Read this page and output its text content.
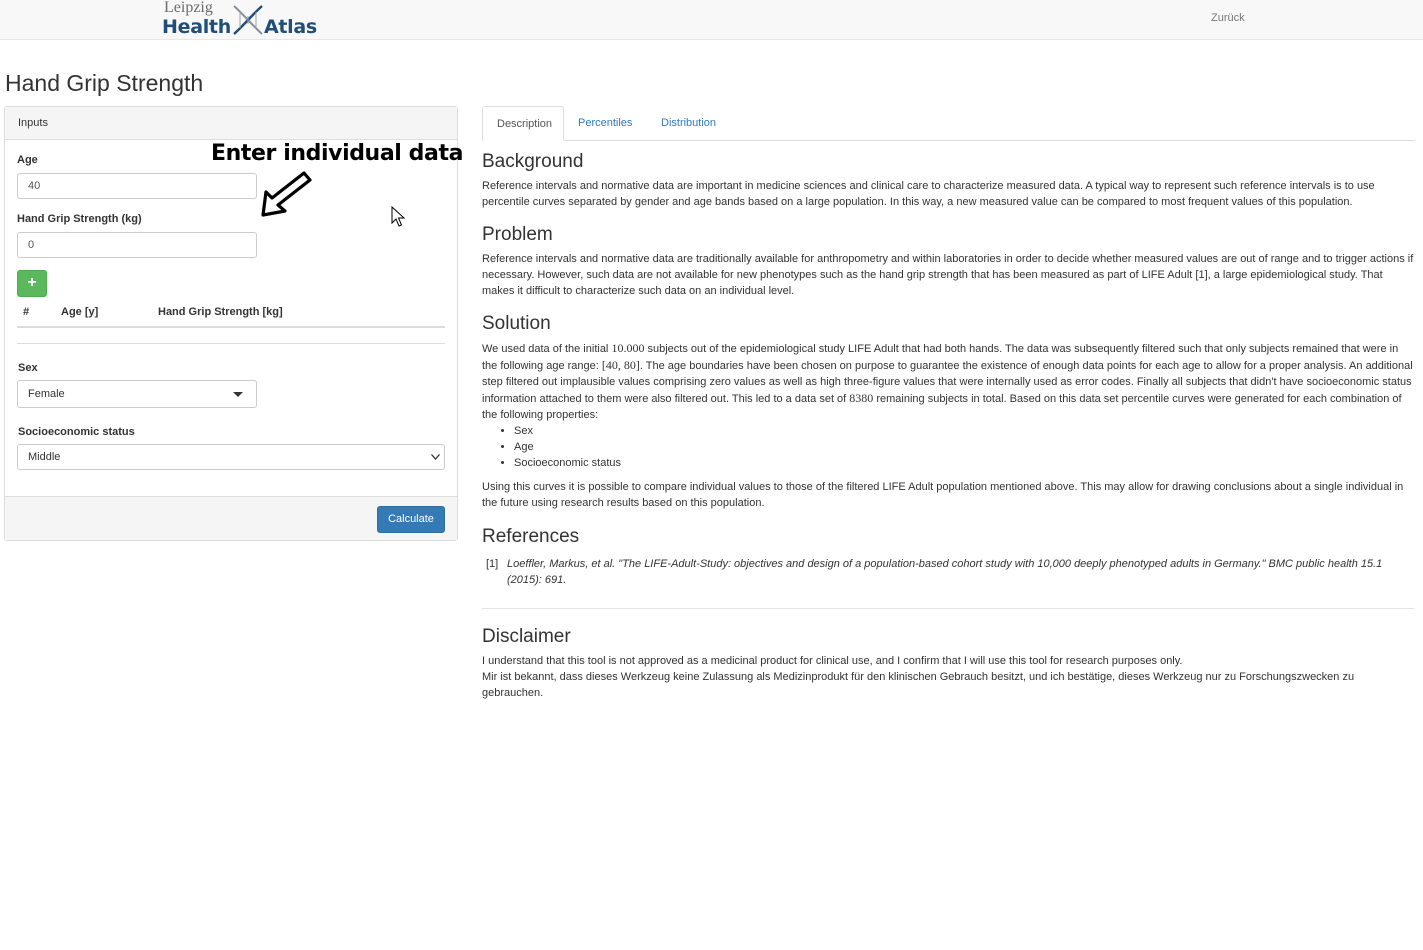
Leipzig
Health Atlas	Zurück
Hand Grip Strength
Inputs
Age
40
Hand Grip Strength (kg)
0
+
#	Age [y]	Hand Grip Strength [kg]
Sex
Female
Socioeconomic status
Middle
Calculate
Enter individual data
Description	Percentiles	Distribution
Background

Reference intervals and normative data are important in medicine sciences and clinical care to characterize measured data. A typical way to represent such reference intervals is to use percentile curves separated by gender and age bands based on a large population. In this way, a new measured value can be compared to most frequent values of this population.

Problem

Reference intervals and normative data are traditionally available for anthropometry and within laboratories in order to decide whether measured values are out of range and to trigger actions if necessary. However, such data are not available for new phenotypes such as the hand grip strength that has been measured as part of LIFE Adult [1], a large epidemiological study. That makes it difficult to characterize such data on an individual level.

Solution

We used data of the initial 10.000 subjects out of the epidemiological study LIFE Adult that had both hands. The data was subsequently filtered such that only subjects remained that were in the following age range: [40, 80]. The age boundaries have been chosen on purpose to guarantee the existence of enough data points for each age to allow for a proper analysis. An additional step filtered out implausible values comprising zero values as well as high three-figure values that were internally used as error codes. Finally all subjects that didn't have socioeconomic status information attached to them were also filtered out. This led to a data set of 8380 remaining subjects in total. Based on this data set percentile curves were generated for each combination of the following properties:

• Sex
• Age
• Socioeconomic status

Using this curves it is possible to compare individual values to those of the filtered LIFE Adult population mentioned above. This may allow for drawing conclusions about a single individual in the future using research results based on this population.

References
[1] Loeffler, Markus, et al. "The LIFE-Adult-Study: objectives and design of a population-based cohort study with 10,000 deeply phenotyped adults in Germany." BMC public health 15.1 (2015): 691.
Disclaimer

I understand that this tool is not approved as a medicinal product for clinical use, and I confirm that I will use this tool for research purposes only.

Mir ist bekannt, dass dieses Werkzeug keine Zulassung als Medizinprodukt für den klinischen Gebrauch besitzt, und ich bestätige, dieses Werkzeug nur zu Forschungszwecken zu gebrauchen.
